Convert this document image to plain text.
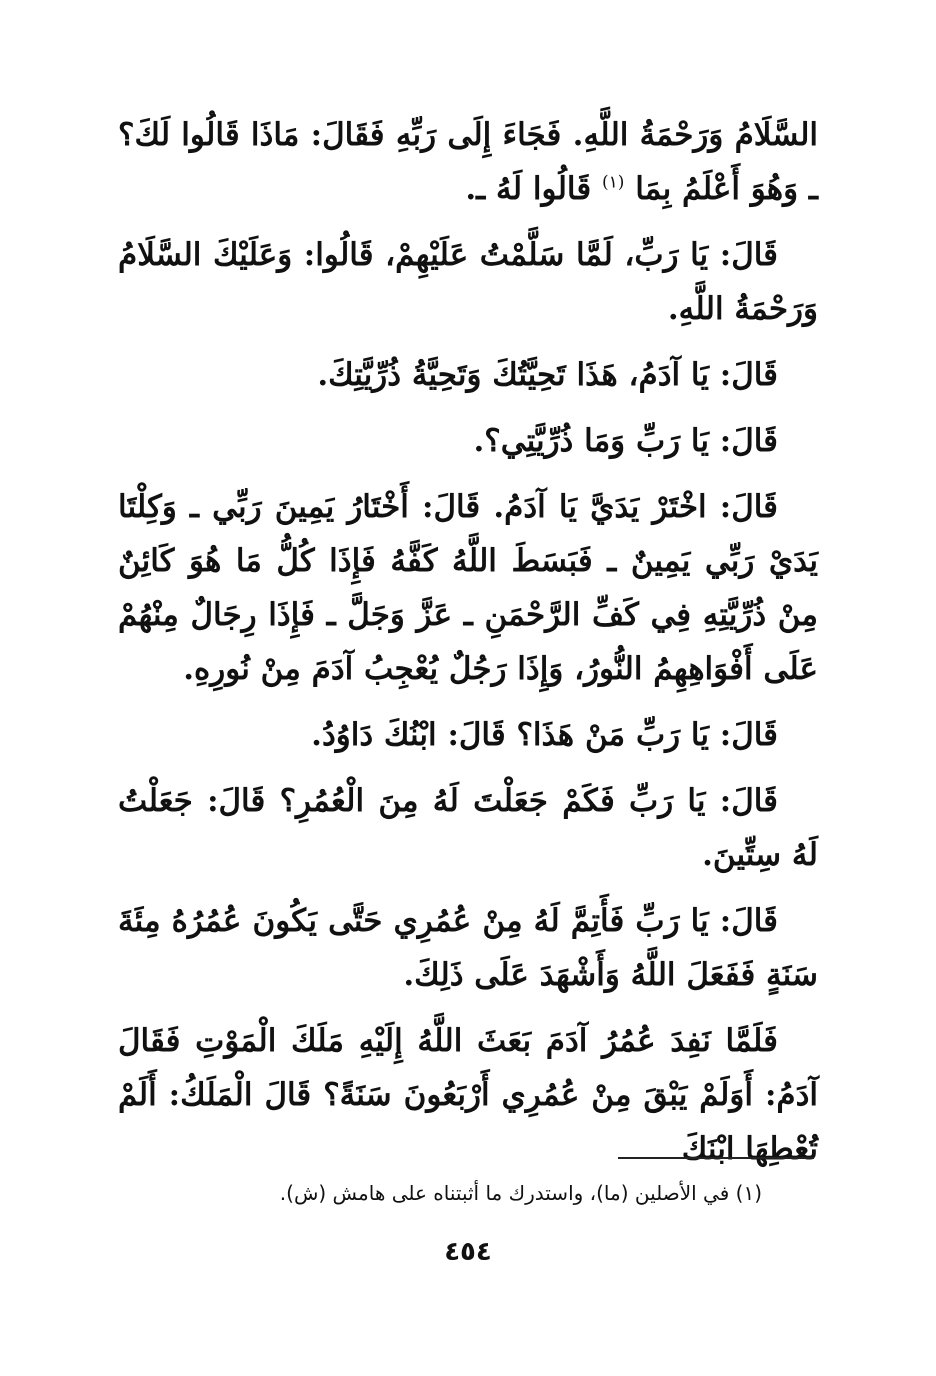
السَّلَامُ وَرَحْمَةُ اللَّهِ. فَجَاءَ إِلَى رَبِّهِ فَقَالَ: مَاذَا قَالُوا لَكَ؟ ـ وَهُوَ أَعْلَمُ بِمَا $^{(١)}$ قَالُوا لَهُ ـ.

قَالَ: يَا رَبِّ، لَمَّا سَلَّمْتُ عَلَيْهِمْ، قَالُوا: وَعَلَيْكَ السَّلَامُ وَرَحْمَةُ اللَّهِ.

قَالَ: يَا آدَمُ، هَذَا تَحِيَّتُكَ وَتَحِيَّةُ ذُرِّيَّتِكَ.

قَالَ: يَا رَبِّ وَمَا ذُرِّيَّتِي؟.

قَالَ: اخْتَرْ يَدَيَّ يَا آدَمُ. قَالَ: أَخْتَارُ يَمِينَ رَبِّي ـ وَكِلْتَا يَدَيْ رَبِّي يَمِينٌ ـ فَبَسَطَ اللَّهُ كَفَّهُ فَإِذَا كُلُّ مَا هُوَ كَائِنٌ مِنْ ذُرِّيَّتِهِ فِي كَفِّ الرَّحْمَنِ ـ عَزَّ وَجَلَّ ـ فَإِذَا رِجَالٌ مِنْهُمْ عَلَى أَفْوَاهِهِمُ النُّورُ، وَإِذَا رَجُلٌ يُعْجِبُ آدَمَ مِنْ نُورِهِ.

قَالَ: يَا رَبِّ مَنْ هَذَا؟ قَالَ: ابْنُكَ دَاوُدُ.

قَالَ: يَا رَبِّ فَكَمْ جَعَلْتَ لَهُ مِنَ الْعُمُرِ؟ قَالَ: جَعَلْتُ لَهُ سِتِّينَ.

قَالَ: يَا رَبِّ فَأَتِمَّ لَهُ مِنْ عُمُرِي حَتَّى يَكُونَ عُمُرُهُ مِئَةَ سَنَةٍ فَفَعَلَ اللَّهُ وَأَشْهَدَ عَلَى ذَلِكَ.

فَلَمَّا نَفِدَ عُمُرُ آدَمَ بَعَثَ اللَّهُ إِلَيْهِ مَلَكَ الْمَوْتِ فَقَالَ آدَمُ: أَوَلَمْ يَبْقَ مِنْ عُمُرِي أَرْبَعُونَ سَنَةً؟ قَالَ الْمَلَكُ: أَلَمْ تُعْطِهَا ابْنَكَ

(١) في الأصلين (ما)، واستدرك ما أثبتناه على هامش (ش).
٤٥٤
